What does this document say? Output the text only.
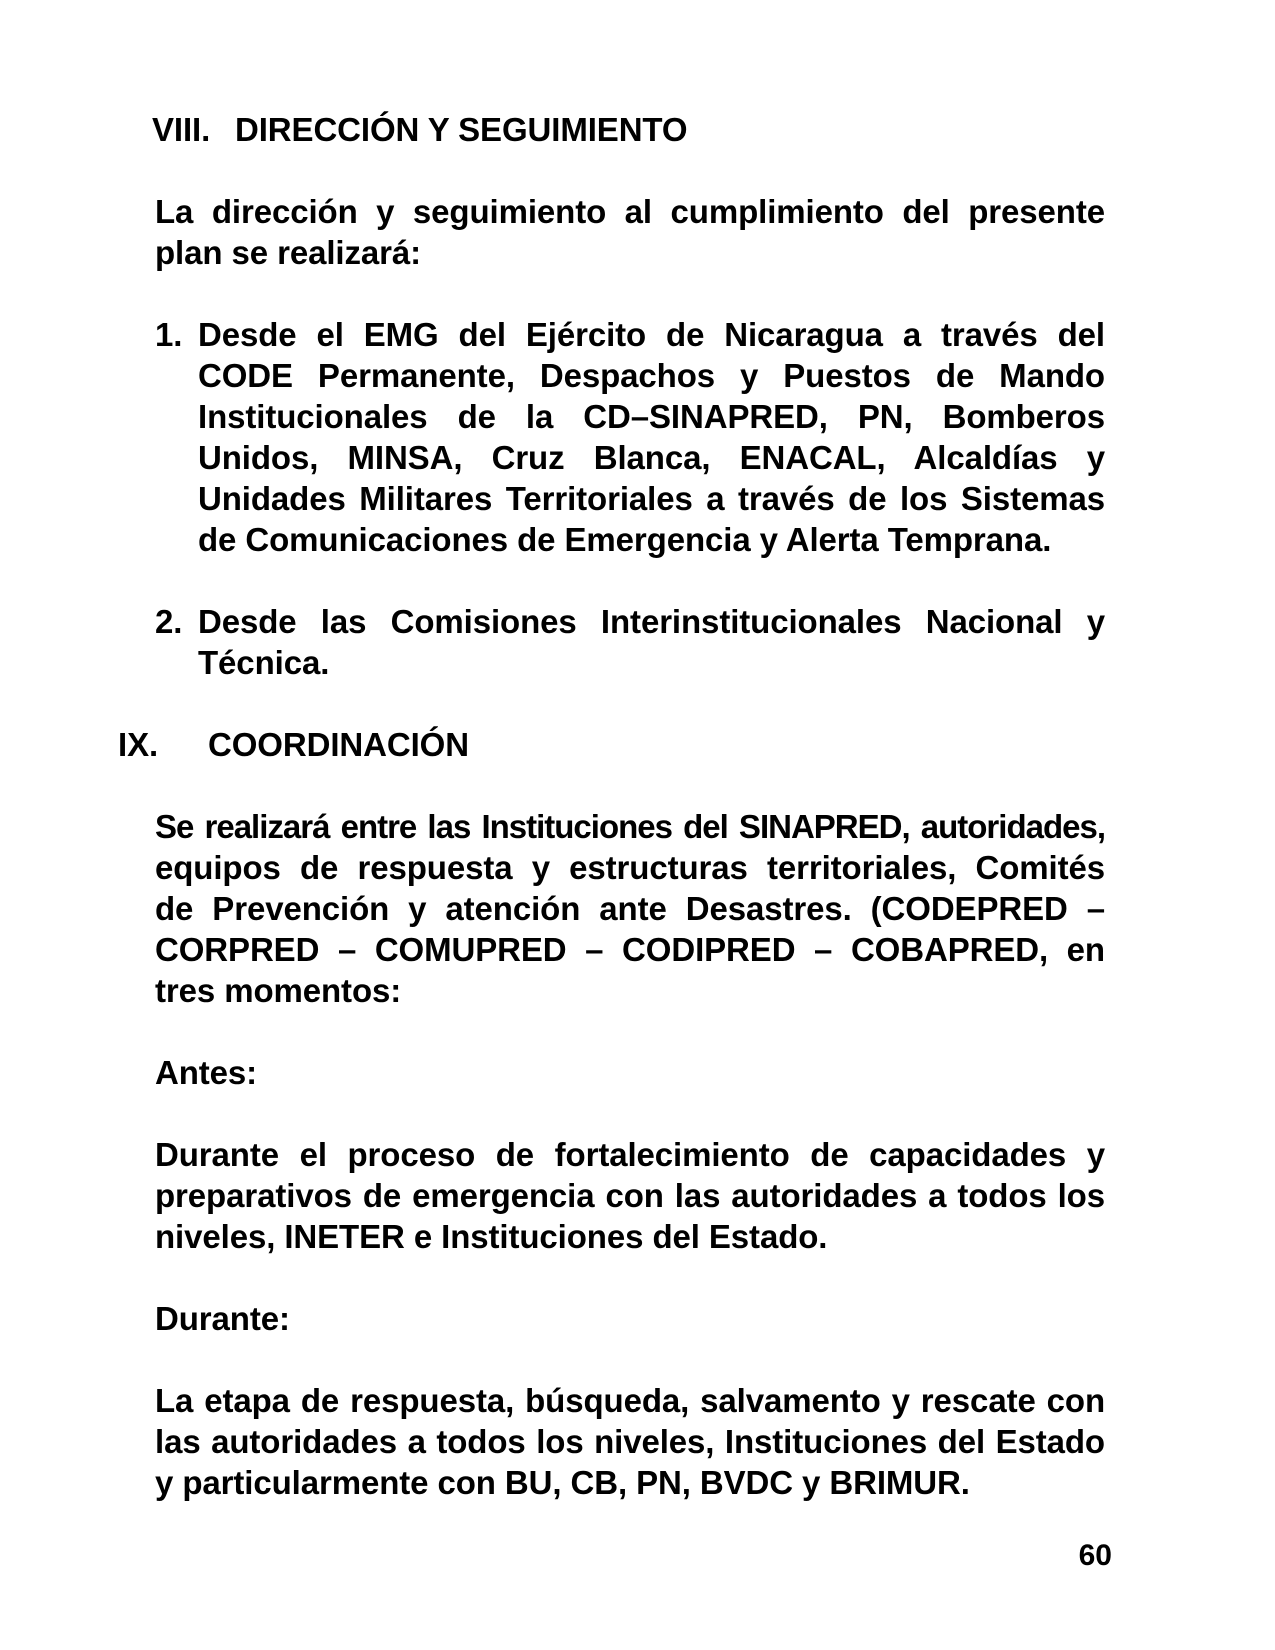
VIII. DIRECCIÓN Y SEGUIMIENTO
La dirección y seguimiento al cumplimiento del presente
plan se realizará:
1. Desde el EMG del Ejército de Nicaragua a través del
CODE Permanente, Despachos y Puestos de Mando
Institucionales de la CD–SINAPRED, PN, Bomberos
Unidos, MINSA, Cruz Blanca, ENACAL, Alcaldías y
Unidades Militares Territoriales a través de los Sistemas
de Comunicaciones de Emergencia y Alerta Temprana.
2. Desde las Comisiones Interinstitucionales Nacional y
Técnica.
IX.	COORDINACIÓN
Se realizará entre las Instituciones del SINAPRED, autoridades,
equipos de respuesta y estructuras territoriales, Comités
de Prevención y atención ante Desastres. (CODEPRED –
CORPRED – COMUPRED – CODIPRED – COBAPRED, en
tres momentos:
Antes:
Durante el proceso de fortalecimiento de capacidades y
preparativos de emergencia con las autoridades a todos los
niveles, INETER e Instituciones del Estado.
Durante:
La etapa de respuesta, búsqueda, salvamento y rescate con
las autoridades a todos los niveles, Instituciones del Estado
y particularmente con BU, CB, PN, BVDC y BRIMUR.
60
